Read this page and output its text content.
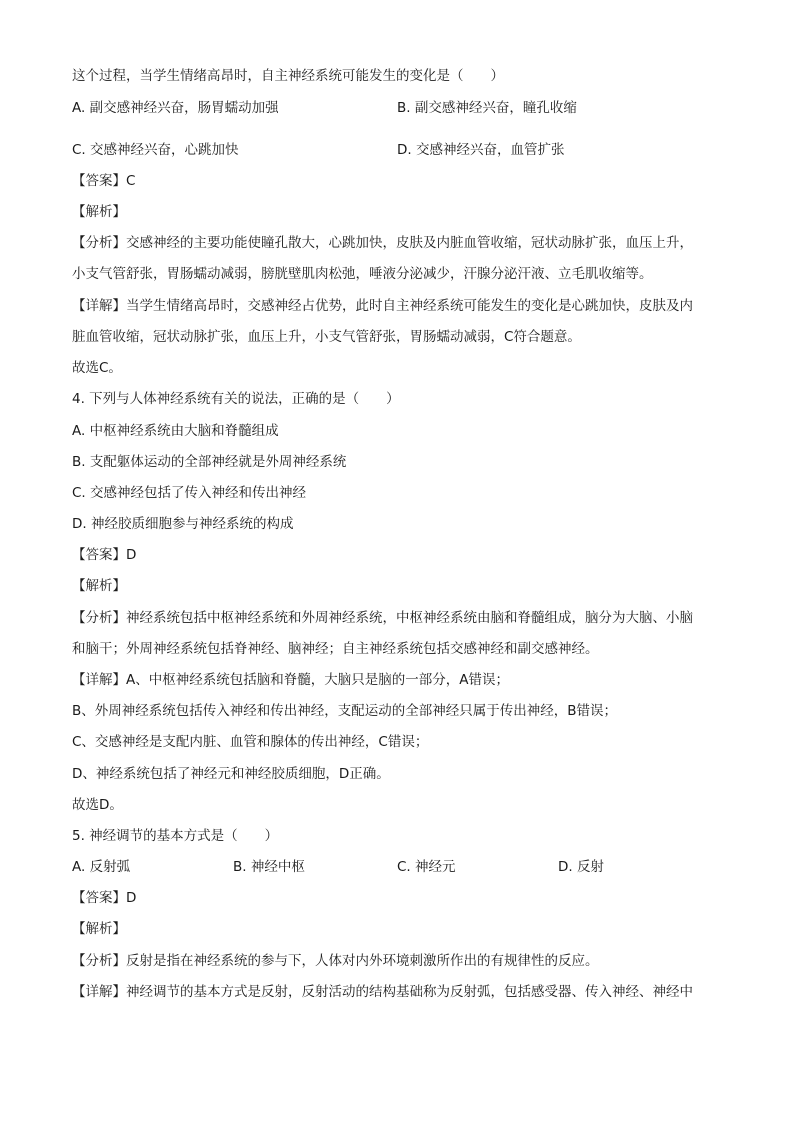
这个过程，当学生情绪高昂时，自主神经系统可能发生的变化是（　　）
A. 副交感神经兴奋，肠胃蠕动加强	B. 副交感神经兴奋，瞳孔收缩
C. 交感神经兴奋，心跳加快	D. 交感神经兴奋，血管扩张
【答案】C
【解析】
【分析】交感神经的主要功能使瞳孔散大，心跳加快，皮肤及内脏血管收缩，冠状动脉扩张，血压上升，
小支气管舒张，胃肠蠕动减弱，膀胱壁肌肉松弛，唾液分泌减少，汗腺分泌汗液、立毛肌收缩等。
【详解】当学生情绪高昂时，交感神经占优势，此时自主神经系统可能发生的变化是心跳加快，皮肤及内
脏血管收缩，冠状动脉扩张，血压上升，小支气管舒张，胃肠蠕动减弱，C符合题意。
故选C。
4. 下列与人体神经系统有关的说法，正确的是（　　）
A. 中枢神经系统由大脑和脊髓组成
B. 支配躯体运动的全部神经就是外周神经系统
C. 交感神经包括了传入神经和传出神经
D. 神经胶质细胞参与神经系统的构成
【答案】D
【解析】
【分析】神经系统包括中枢神经系统和外周神经系统，中枢神经系统由脑和脊髓组成，脑分为大脑、小脑
和脑干；外周神经系统包括脊神经、脑神经；自主神经系统包括交感神经和副交感神经。
【详解】A、中枢神经系统包括脑和脊髓，大脑只是脑的一部分，A错误；
B、外周神经系统包括传入神经和传出神经，支配运动的全部神经只属于传出神经，B错误；
C、交感神经是支配内脏、血管和腺体的传出神经，C错误；
D、神经系统包括了神经元和神经胶质细胞，D正确。
故选D。
5. 神经调节的基本方式是（　　）
A. 反射弧	B. 神经中枢	C. 神经元	D. 反射
【答案】D
【解析】
【分析】反射是指在神经系统的参与下，人体对内外环境刺激所作出的有规律性的反应。
【详解】神经调节的基本方式是反射，反射活动的结构基础称为反射弧，包括感受器、传入神经、神经中
